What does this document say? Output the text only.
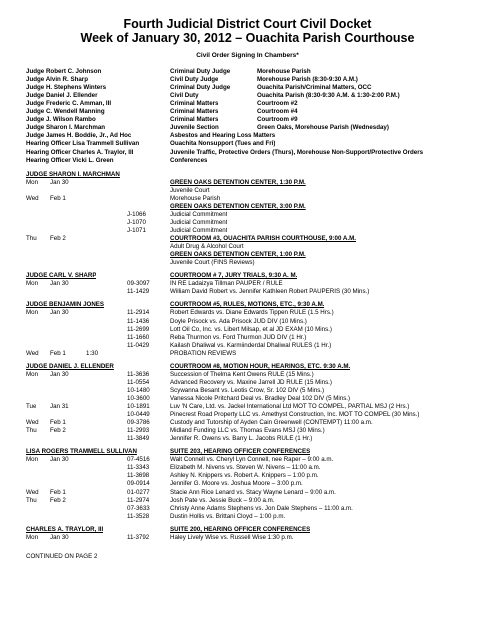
Fourth Judicial District Court Civil Docket
Week of January 30, 2012 – Ouachita Parish Courthouse
Civil Order Signing In Chambers*
Judge Robert C. Johnson	Criminal Duty Judge	Morehouse Parish
Judge Alvin R. Sharp	Civil Duty Judge	Morehouse Parish (8:30-9:30 A.M.)
Judge H. Stephens Winters	Criminal Duty Judge	Ouachita Parish/Criminal Matters, OCC
Judge Daniel J. Ellender	Civil Duty	Ouachita Parish (8:30-9:30 A.M. & 1:30-2:00 P.M.)
Judge Frederic C. Amman, III	Criminal Matters	Courtroom #2
Judge C. Wendell Manning	Criminal Matters	Courtroom #4
Judge J. Wilson Rambo	Criminal Matters	Courtroom #9
Judge Sharon I. Marchman	Juvenile Section	Green Oaks, Morehouse Parish (Wednesday)
Judge James H. Boddie, Jr., Ad Hoc	Asbestos and Hearing Loss Matters
Hearing Officer Lisa Trammell Sullivan	Ouachita Nonsupport (Tues and Fri)
Hearing Officer Charles A. Traylor, III	Juvenile Traffic, Protective Orders (Thurs), Morehouse Non-Support/Protective Orders
Hearing Officer Vicki L. Green	Conferences
JUDGE SHARON I. MARCHMAN
Mon Jan 30	GREEN OAKS DETENTION CENTER, 1:30 P.M.
Juvenile Court
Wed Feb 1	Morehouse Parish
GREEN OAKS DETENTION CENTER, 3:00 P.M.
J-1066	Judicial Commitment
J-1070	Judicial Commitment
J-1071	Judicial Commitment
Thu Feb 2	COURTROOM #3, OUACHITA PARISH COURTHOUSE, 9:00 A.M.
Adult Drug & Alcohol Court
GREEN OAKS DETENTION CENTER, 1:00 P.M.
Juvenile Court (FINS Reviews)
JUDGE CARL V. SHARP	COURTROOM # 7, JURY TRIALS, 9:30 A. M.
Mon Jan 30	09-3097	IN RE Ladaizya Tillman PAUPER / RULE
11-1429	William David Robert vs. Jennifer Kathleen Robert PAUPERIS (30 Mins.)
JUDGE BENJAMIN JONES	COURTROOM #5, RULES, MOTIONS, ETC., 9:30 A.M.
Mon Jan 30	11-2914	Robert Edwards vs. Diane Edwards Tippen RULE (1.5 Hrs.)
11-1436	Doyle Prisock vs. Ada Prisock JUD DIV (10 Mins.)
11-2699	Lott Oil Co, Inc. vs. Libert Milsap, et al JD EXAM (10 Mins.)
11-1660	Reba Thurmon vs. Ford Thurmon JUD DIV (1 Hr.)
11-0429	Kailash Dhaliwal vs. Karmiinderdal Dhaliwal RULES (1 Hr.)
Wed Feb 1	1:30	PROBATION REVIEWS
JUDGE DANIEL J. ELLENDER	COURTROOM #8, MOTION HOUR, HEARINGS, ETC. 9:30 A.M.
Mon Jan 30	11-3636	Succession of Thelma Kent Owens RULE (15 Mins.)
11-0554	Advanced Recovery vs. Maxine Jarrell JD RULE (15 Mins.)
10-1480	Scywanna Besant vs. Leotis Crow, Sr. 102 DIV (5 Mins.)
10-3600	Vanessa Nicole Pritchard Deal vs. Bradley Deal 102 DIV (5 Mins.)
Tue Jan 31	10-1891	Luv 'N Care, Ltd. vs. Jackel International Ltd MOT TO COMPEL, PARTIAL MSJ (2 Hrs.)
10-0449	Pinecrest Road Property LLC vs. Amethyst Construction, Inc. MOT TO COMPEL (30 Mins.)
Wed Feb 1	09-3786	Custody and Tutorship of Ayden Cain Greenwell (CONTEMPT) 11:00 a.m.
Thu Feb 2	11-2993	Midland Funding LLC vs. Thomas Evans MSJ (30 Mins.)
11-3849	Jennifer R. Owens vs. Barry L. Jacobs RULE (1 Hr.)
LISA ROGERS TRAMMELL SULLIVAN	SUITE 203, HEARING OFFICER CONFERENCES
Mon Jan 30	07-4516	Walt Connell vs. Cheryl Lyn Connell, nee Raper – 9:00 a.m.
11-3343	Elizabeth M. Nivens vs. Steven W. Nivens – 11:00 a.m.
11-3698	Ashley N. Knippers vs. Robert A. Knippers – 1:00 p.m.
09-0914	Jennifer G. Moore vs. Joshua Moore – 3:00 p.m.
Wed Feb 1	01-0277	Stacie Ann Rice Lenard vs. Stacy Wayne Lenard – 9:00 a.m.
Thu Feb 2	11-2974	Josh Pate vs. Jessie Buck – 9:00 a.m.
07-3633	Christy Anne Adams Stephens vs. Jon Dale Stephens – 11:00 a.m.
11-3528	Dustin Hollis vs. Brittani Cloyd – 1:00 p.m.
CHARLES A. TRAYLOR, III	SUITE 200, HEARING OFFICER CONFERENCES
Mon Jan 30	11-3792	Haley Lively Wise vs. Russell Wise 1:30 p.m.
CONTINUED ON PAGE 2
